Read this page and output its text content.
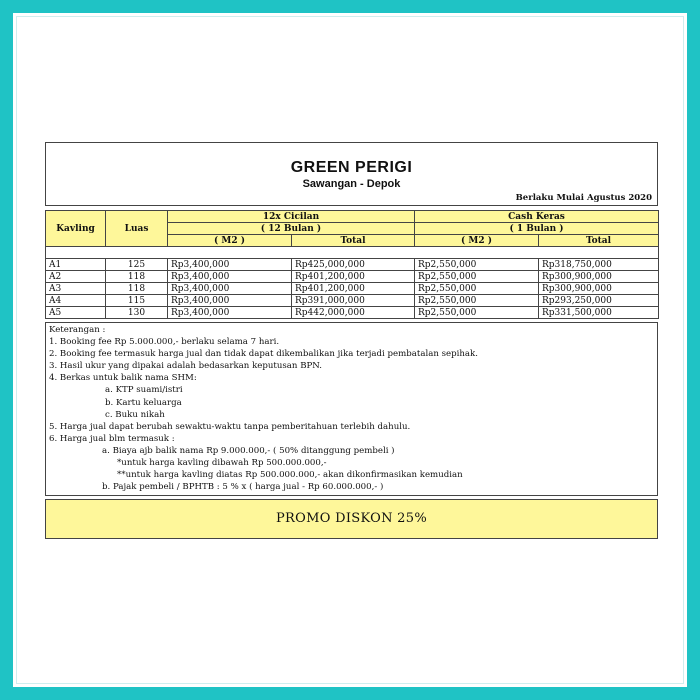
GREEN PERIGI
Sawangan - Depok
Berlaku Mulai Agustus 2020
Kavling	Luas	12x Cicilan		Cash Keras	
		( 12 Bulan )		( 1 Bulan )	
		( M2 )	Total	( M2 )	Total

A1	125	Rp3,400,000	Rp425,000,000	Rp2,550,000	Rp318,750,000
A2	118	Rp3,400,000	Rp401,200,000	Rp2,550,000	Rp300,900,000
A3	118	Rp3,400,000	Rp401,200,000	Rp2,550,000	Rp300,900,000
A4	115	Rp3,400,000	Rp391,000,000	Rp2,550,000	Rp293,250,000
A5	130	Rp3,400,000	Rp442,000,000	Rp2,550,000	Rp331,500,000
Keterangan :
1. Booking fee Rp 5.000.000,- berlaku selama 7 hari.
2. Booking fee termasuk harga jual dan tidak dapat dikembalikan jika terjadi pembatalan sepihak.
3. Hasil ukur yang dipakai adalah bedasarkan keputusan BPN.
4. Berkas untuk balik nama SHM:
a. KTP suami/istri
b. Kartu keluarga
c. Buku nikah
5. Harga jual dapat berubah sewaktu-waktu tanpa pemberitahuan terlebih dahulu.
6. Harga jual blm termasuk :
a. Biaya ajb balik nama Rp 9.000.000,- ( 50% ditanggung pembeli )
*untuk harga kavling dibawah Rp 500.000.000,-
**untuk harga kavling diatas Rp 500.000.000,- akan dikonfirmasikan kemudian
b. Pajak pembeli / BPHTB : 5 % x ( harga jual - Rp 60.000.000,- )
PROMO DISKON 25%
